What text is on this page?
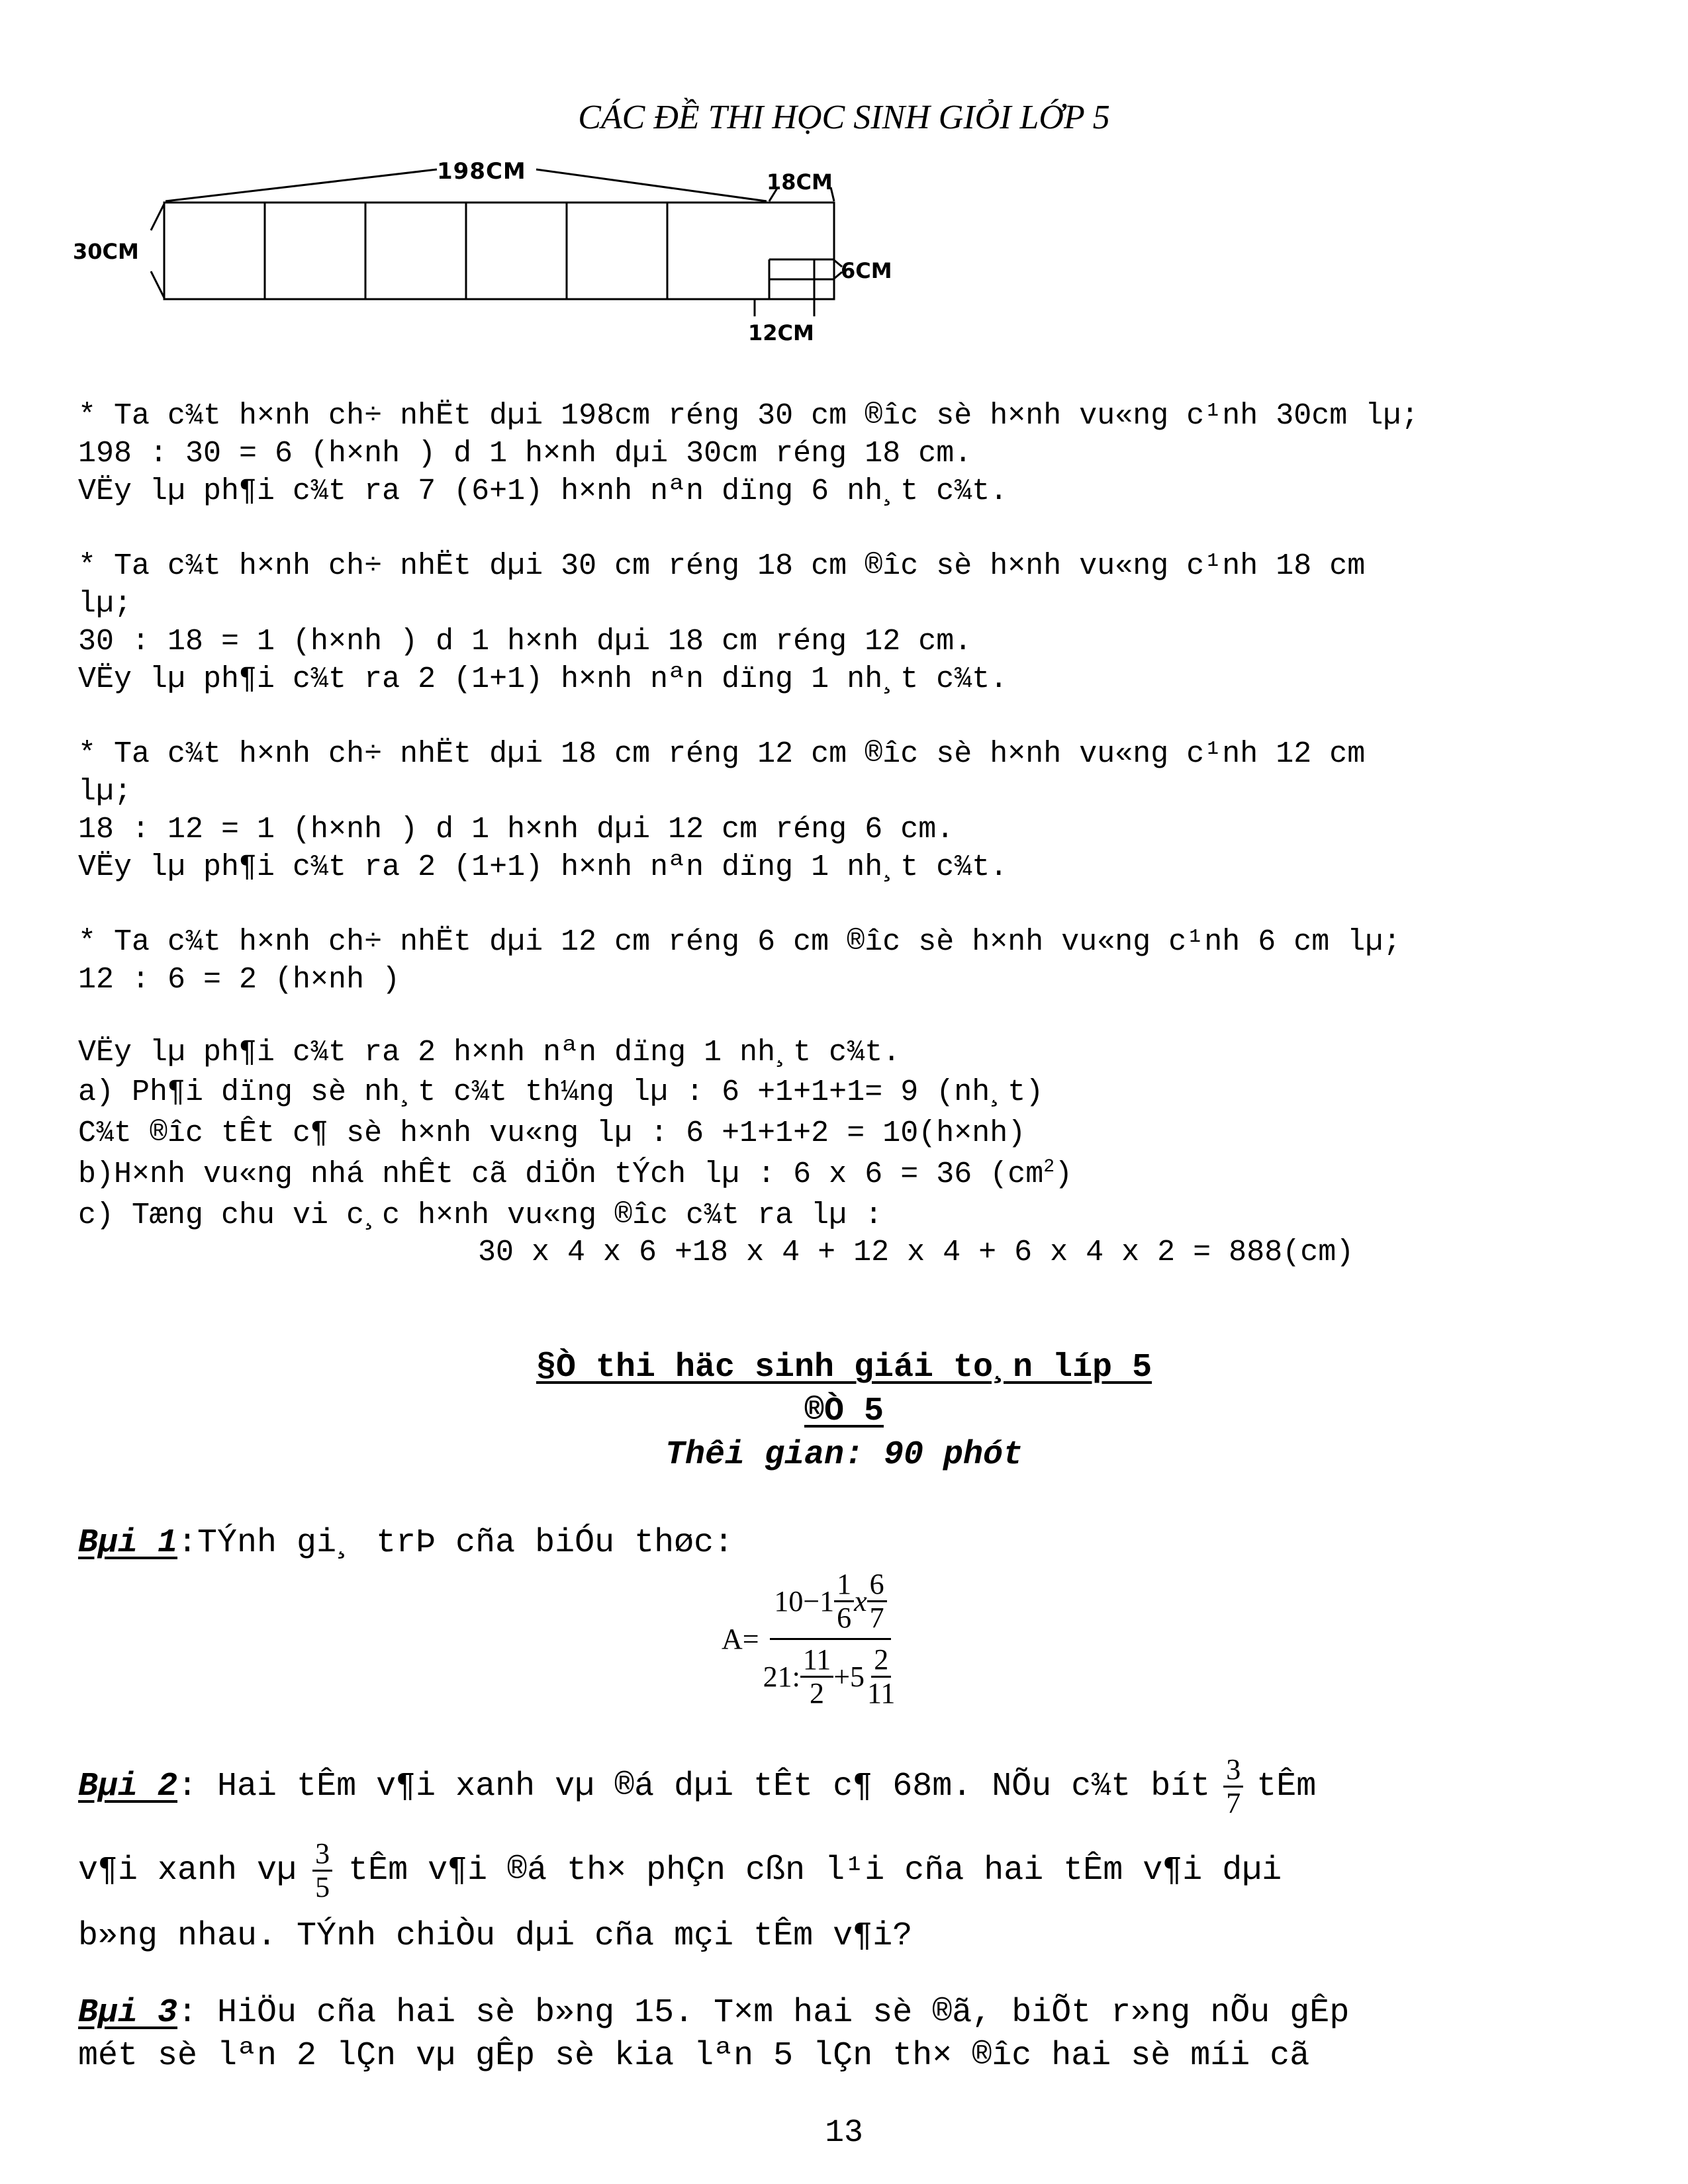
CÁC ĐỀ THI HỌC SINH GIỎI LỚP 5
198CM
30CM
18CM
6CM
12CM
* Ta c¾t h×nh ch÷ nhËt dµi 198cm réng 30 cm ®îc sè h×nh vu«ng c¹nh 30cm lµ;
198 : 30 = 6 (h×nh ) d 1 h×nh dµi 30cm réng 18 cm.
VËy lµ ph¶i c¾t ra 7 (6+1) h×nh nªn dïng 6 nh¸t c¾t.
* Ta c¾t h×nh ch÷ nhËt dµi 30 cm réng 18 cm ®îc sè h×nh vu«ng c¹nh 18 cm
lµ;
30 : 18 = 1 (h×nh ) d 1 h×nh dµi 18 cm réng 12 cm.
VËy lµ ph¶i c¾t ra 2 (1+1) h×nh nªn dïng 1 nh¸t c¾t.
* Ta c¾t h×nh ch÷ nhËt dµi 18 cm réng 12 cm ®îc sè h×nh vu«ng c¹nh 12 cm
lµ;
18 : 12 = 1 (h×nh ) d 1 h×nh dµi 12 cm réng 6 cm.
VËy lµ ph¶i c¾t ra 2 (1+1) h×nh nªn dïng 1 nh¸t c¾t.
* Ta c¾t h×nh ch÷ nhËt dµi 12 cm réng 6 cm ®îc sè h×nh vu«ng c¹nh 6 cm lµ;
12 : 6 = 2 (h×nh )
VËy lµ ph¶i c¾t ra 2 h×nh nªn dïng 1 nh¸t c¾t.
a) Ph¶i dïng sè nh¸t c¾t th¼ng lµ : 6 +1+1+1= 9 (nh¸t)
C¾t ®îc tÊt c¶ sè h×nh vu«ng lµ : 6 +1+1+2 = 10(h×nh)
b)H×nh vu«ng nhá nhÊt cã diÖn tÝch lµ : 6 x 6 = 36 $(cm^2)$
c) Tæng chu vi c¸c h×nh vu«ng ®îc c¾t ra lµ :
30 x 4 x 6 +18 x 4 + 12 x 4 + 6 x 4 x 2 = 888(cm)
§Ò thi häc sinh giái to¸n líp 5
®Ò 5
Thêi gian: 90 phót
Bµi 1:TÝnh gi¸ trÞ cña biÓu thøc:
$A= \frac{10-1 \frac{1}{6} x \frac{6}{7}}{21: \frac{11}{2} +5 \frac{2}{11}}$
Bµi 2 : Hai tÊm v¶i xanh vµ ®á dµi tÊt c¶ 68m. NÕu c¾t bít $\frac{3}{7}$ tÊm
v¶i xanh vµ $\frac{3}{5}$ tÊm v¶i ®á th× phÇn cßn l¹i cña hai tÊm v¶i dµi
b»ng nhau. TÝnh chiÒu dµi cña mçi tÊm v¶i?
Bµi 3: HiÖu cña hai sè b»ng 15. T×m hai sè ®ã, biÕt r»ng nÕu gÊp
mét sè lªn 2 lÇn vµ gÊp sè kia lªn 5 lÇn th× ®îc hai sè míi cã
13
